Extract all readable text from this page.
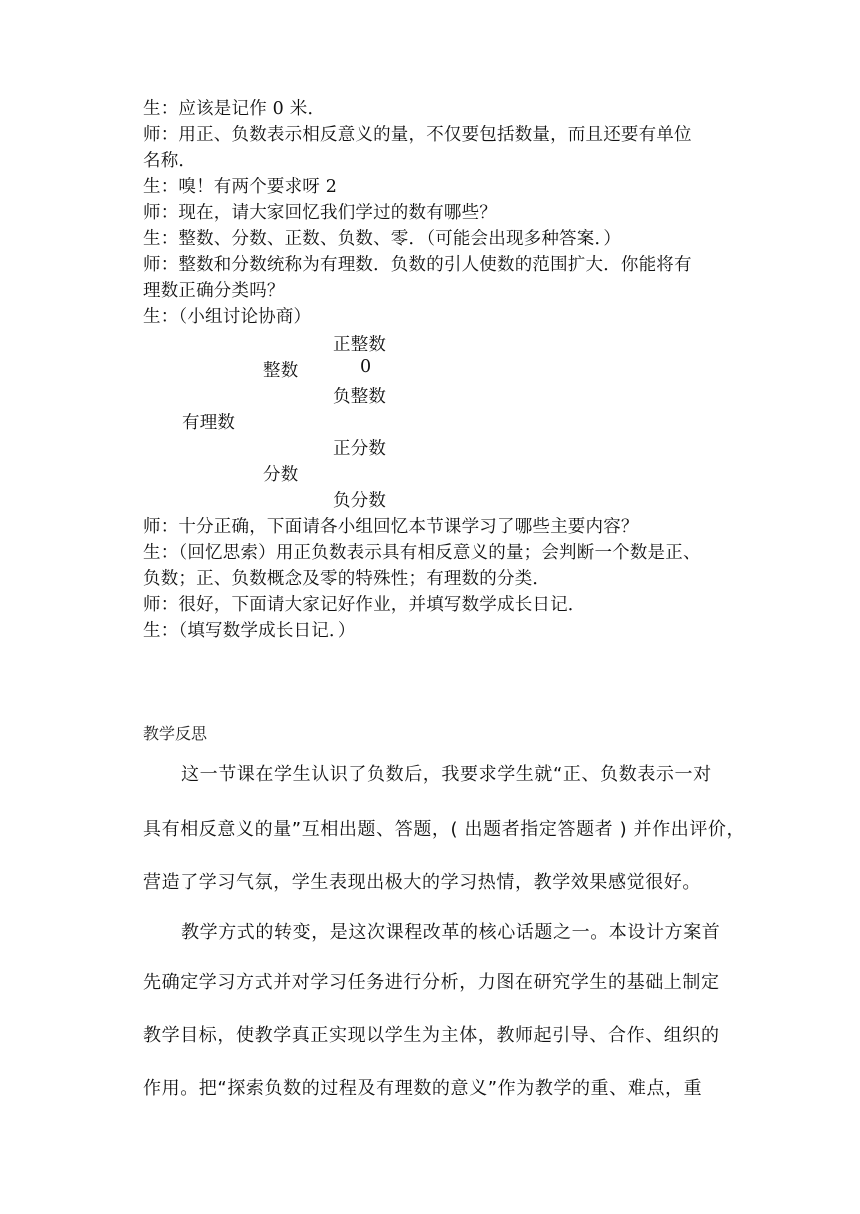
生：应该是记作 0 米．
师：用正、负数表示相反意义的量，不仅要包括数量，而且还要有单位
名称．
生：嗅！有两个要求呀 2
师：现在，请大家回忆我们学过的数有哪些？
生：整数、分数、正数、负数、零．（可能会出现多种答案．）
师：整数和分数统称为有理数．负数的引人使数的范围扩大．你能将有
理数正确分类吗？
生：（小组讨论协商）
正整数
整数	0
负整数
有理数
正分数
分数
负分数
师：十分正确，下面请各小组回忆本节课学习了哪些主要内容？
生：（回忆思索）用正负数表示具有相反意义的量；会判断一个数是正、
负数；正、负数概念及零的特殊性；有理数的分类．
师：很好，下面请大家记好作业，并填写数学成长日记．
生：（填写数学成长日记．）
教学反思
这一节课在学生认识了负数后，我要求学生就“正、负数表示一对
具有相反意义的量”互相出题、答题，( 出题者指定答题者 ) 并作出评价，
营造了学习气氛，学生表现出极大的学习热情，教学效果感觉很好。
教学方式的转变，是这次课程改革的核心话题之一。本设计方案首
先确定学习方式并对学习任务进行分析，力图在研究学生的基础上制定
教学目标，使教学真正实现以学生为主体，教师起引导、合作、组织的
作用。把“探索负数的过程及有理数的意义”作为教学的重、难点，重
